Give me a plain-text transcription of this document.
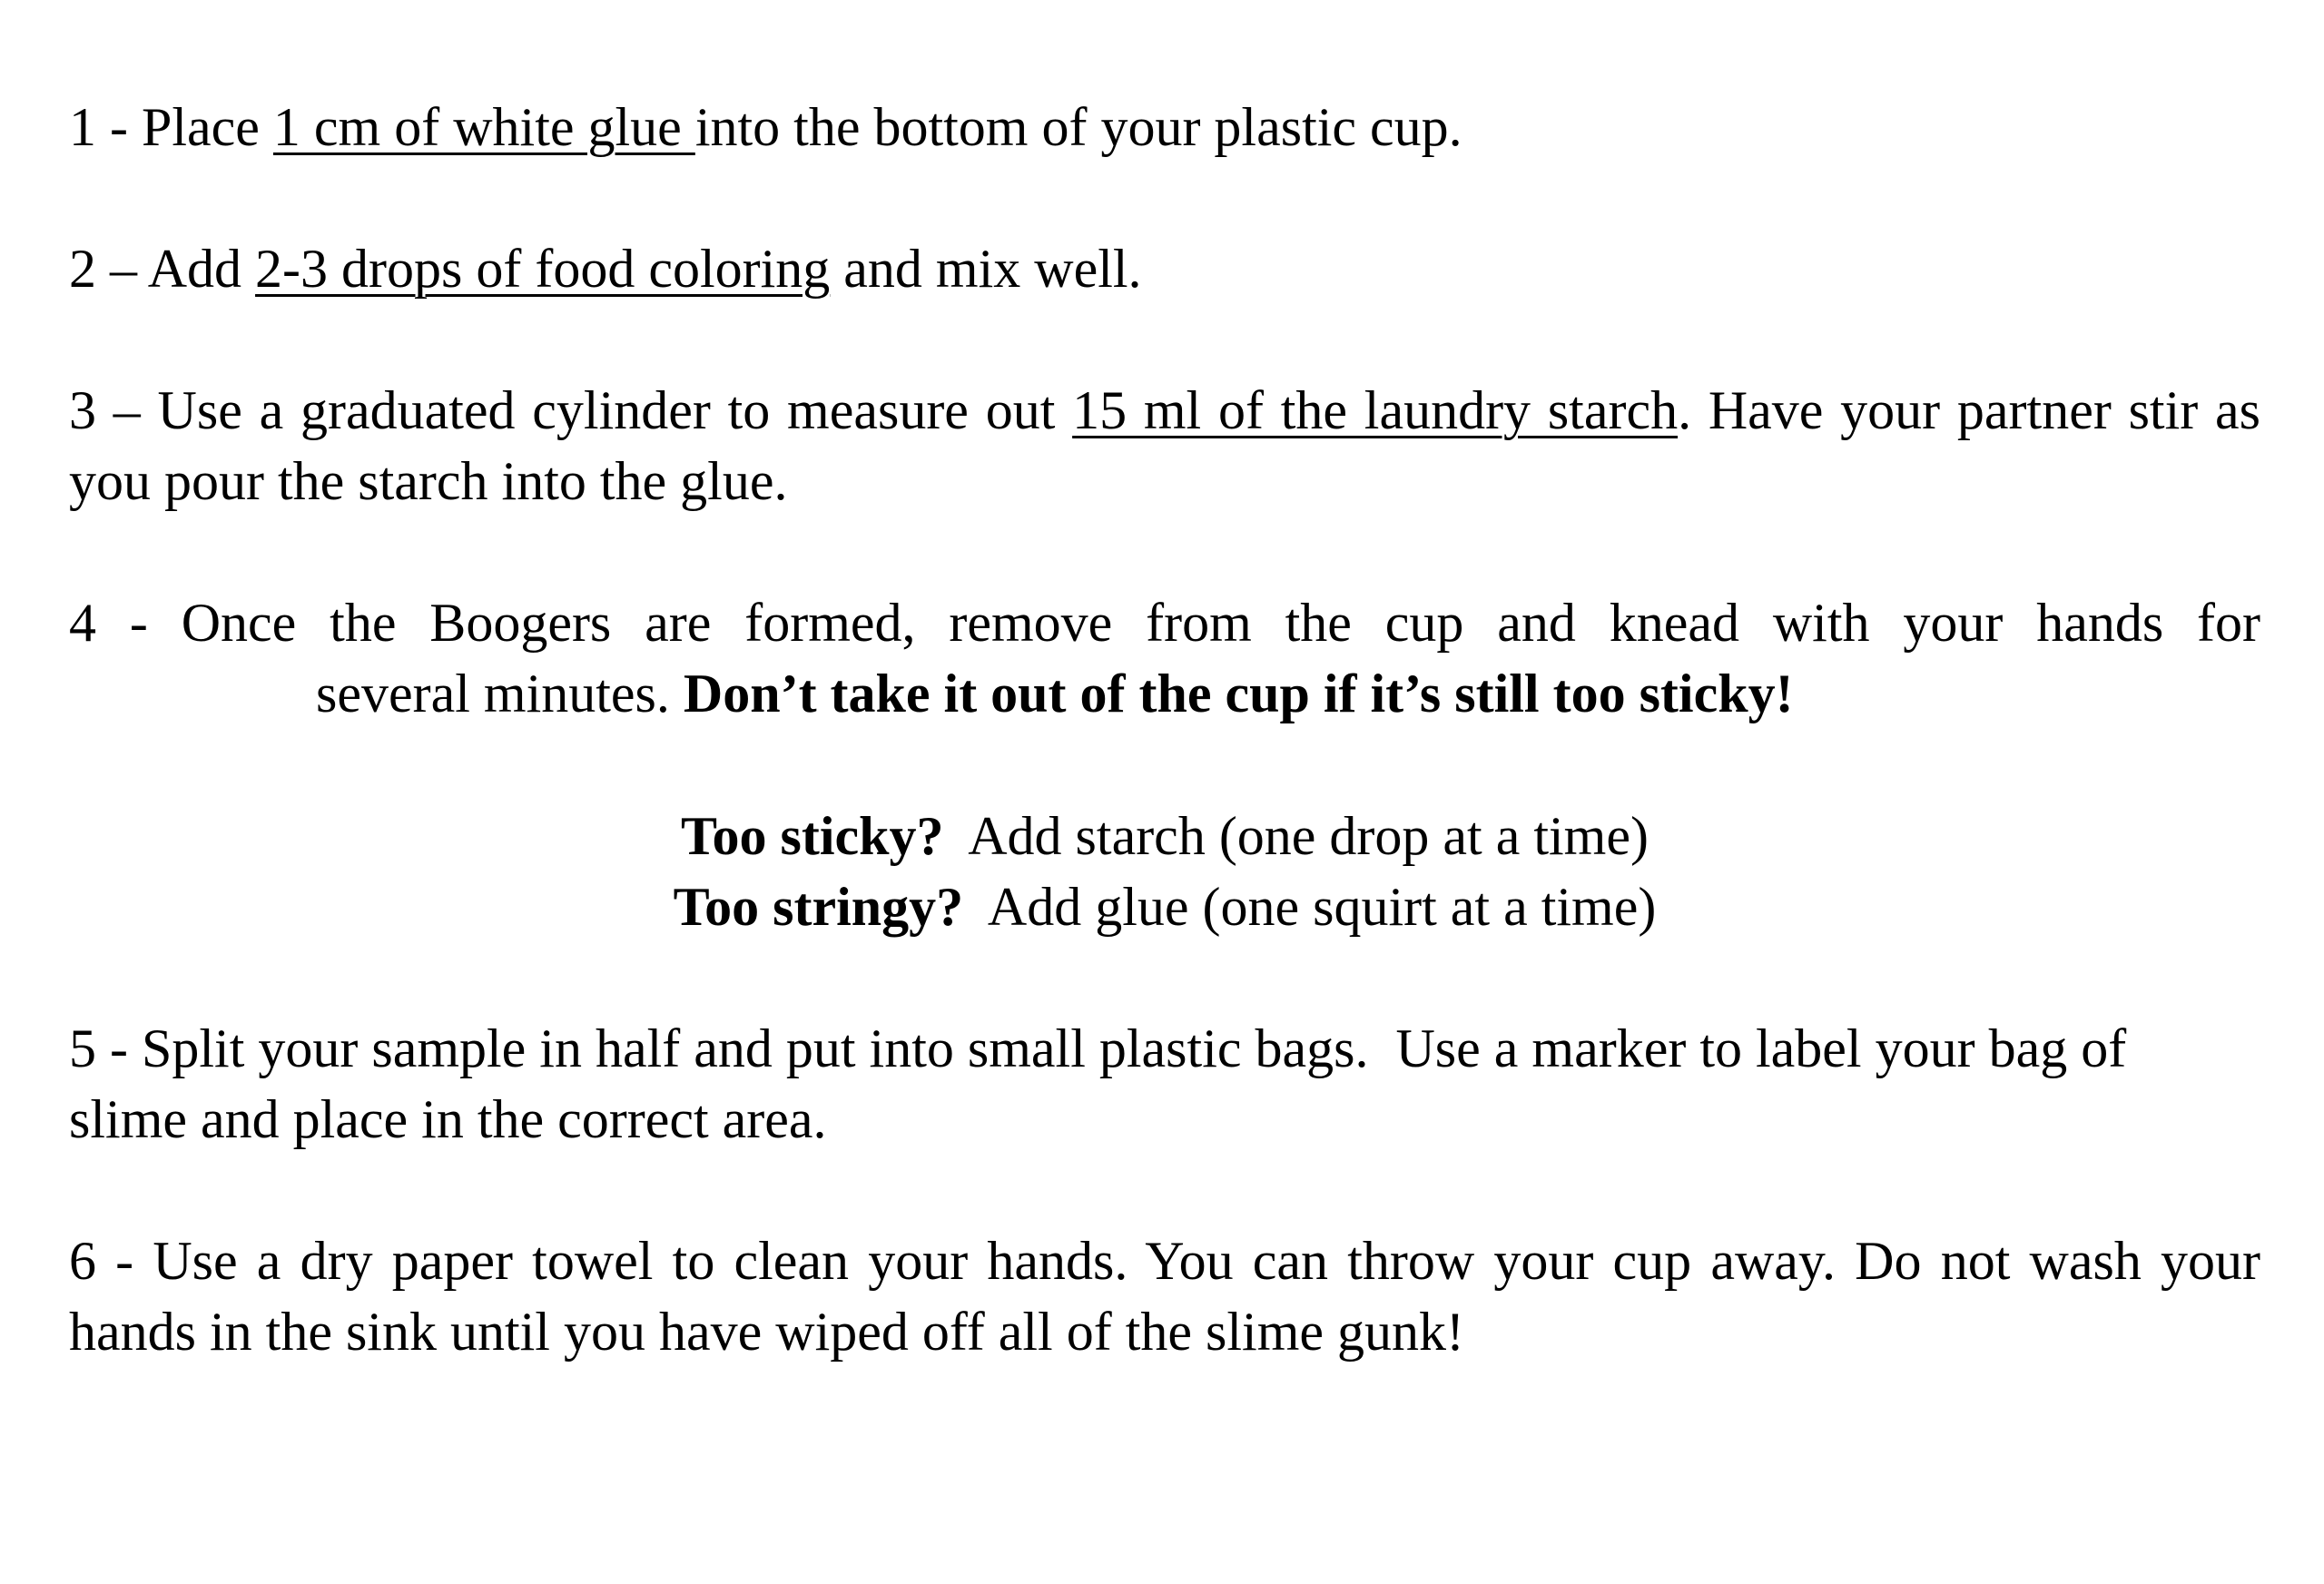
1 - Place 1 cm of white glue into the bottom of your plastic cup.

2 – Add 2-3 drops of food coloring and mix well.

3 – Use a graduated cylinder to measure out 15 ml of the laundry starch. Have your partner stir as you pour the starch into the glue.

4 - Once the Boogers are formed, remove from the cup and knead with your hands for
several minutes. Don’t take it out of the cup if it’s still too sticky!
Too sticky?  Add starch (one drop at a time)
Too stringy?  Add glue (one squirt at a time)

5 - Split your sample in half and put into small plastic bags.  Use a marker to label your bag of slime and place in the correct area.

6 - Use a dry paper towel to clean your hands. You can throw your cup away. Do not wash your hands in the sink until you have wiped off all of the slime gunk!
